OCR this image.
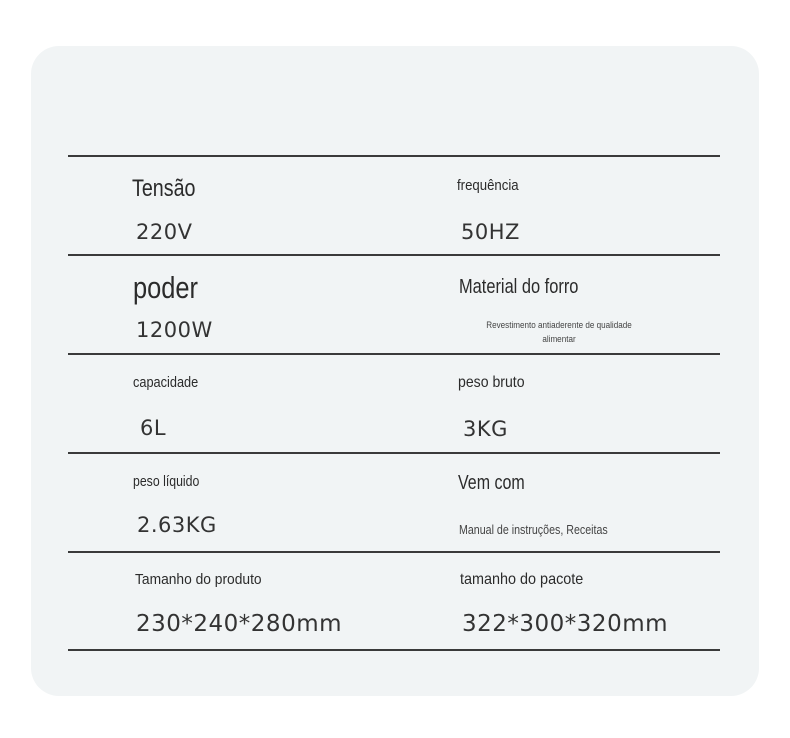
Tensão
220V
frequência
50HZ
poder
1200W
Material do forro
Revestimento antiaderente de qualidade alimentar
capacidade
6L
peso bruto
3KG
peso líquido
2.63KG
Vem com
Manual de instruções, Receitas
Tamanho do produto
230*240*280mm
tamanho do pacote
322*300*320mm
